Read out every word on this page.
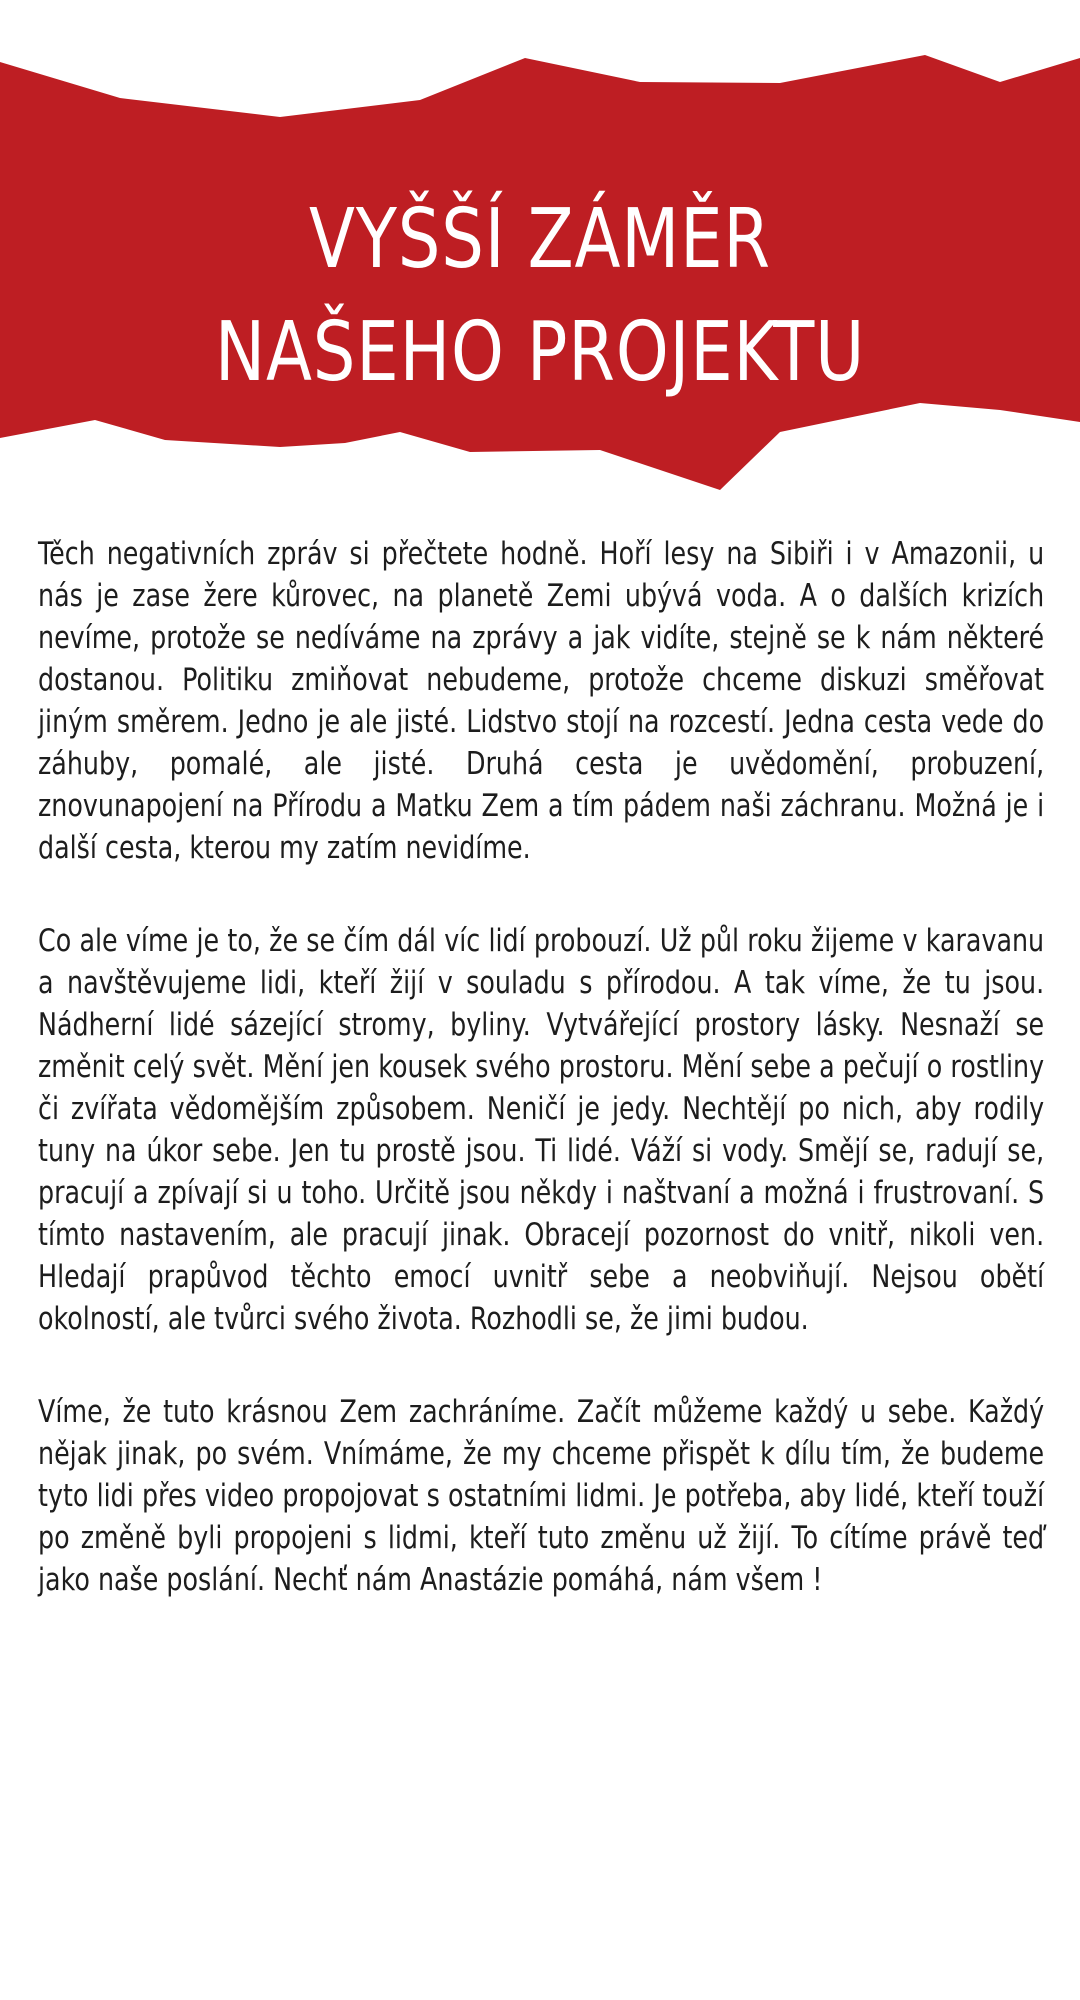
VYŠŠÍ ZÁMĚR
NAŠEHO PROJEKTU

Těch negativních zpráv si přečtete hodně. Hoří lesy na Sibiři i v Amazonii, u nás je zase žere kůrovec, na planetě Zemi ubývá voda. A o dalších krizích nevíme, protože se nedíváme na zprávy a jak vidíte, stejně se k nám některé dostanou. Politiku zmiňovat nebudeme, protože chceme diskuzi směřovat jiným směrem. Jedno je ale jisté. Lidstvo stojí na rozcestí. Jedna cesta vede do záhuby, pomalé, ale jisté. Druhá cesta je uvědomění, probuzení, znovunapojení na Přírodu a Matku Zem a tím pádem naši záchranu. Možná je i další cesta, kterou my zatím nevidíme.

Co ale víme je to, že se čím dál víc lidí probouzí. Už půl roku žijeme v karavanu a navštěvujeme lidi, kteří žijí v souladu s přírodou. A tak víme, že tu jsou. Nádherní lidé sázející stromy, byliny. Vytvářející prostory lásky. Nesnaží se změnit celý svět. Mění jen kousek svého prostoru. Mění sebe a pečují o rostliny či zvířata vědomějším způsobem. Neničí je jedy. Nechtějí po nich, aby rodily tuny na úkor sebe. Jen tu prostě jsou. Ti lidé. Váží si vody. Smějí se, radují se, pracují a zpívají si u toho. Určitě jsou někdy i naštvaní a možná i frustrovaní. S tímto nastavením, ale pracují jinak. Obracejí pozornost do vnitř, nikoli ven. Hledají prapůvod těchto emocí uvnitř sebe a neobviňují. Nejsou obětí okolností, ale tvůrci svého života. Rozhodli se, že jimi budou.

Víme, že tuto krásnou Zem zachráníme. Začít můžeme každý u sebe. Každý nějak jinak, po svém. Vnímáme, že my chceme přispět k dílu tím, že budeme tyto lidi přes video propojovat s ostatními lidmi. Je potřeba, aby lidé, kteří touží po změně byli propojeni s lidmi, kteří tuto změnu už žijí. To cítíme právě teď jako naše poslání. Nechť nám Anastázie pomáhá, nám všem !
